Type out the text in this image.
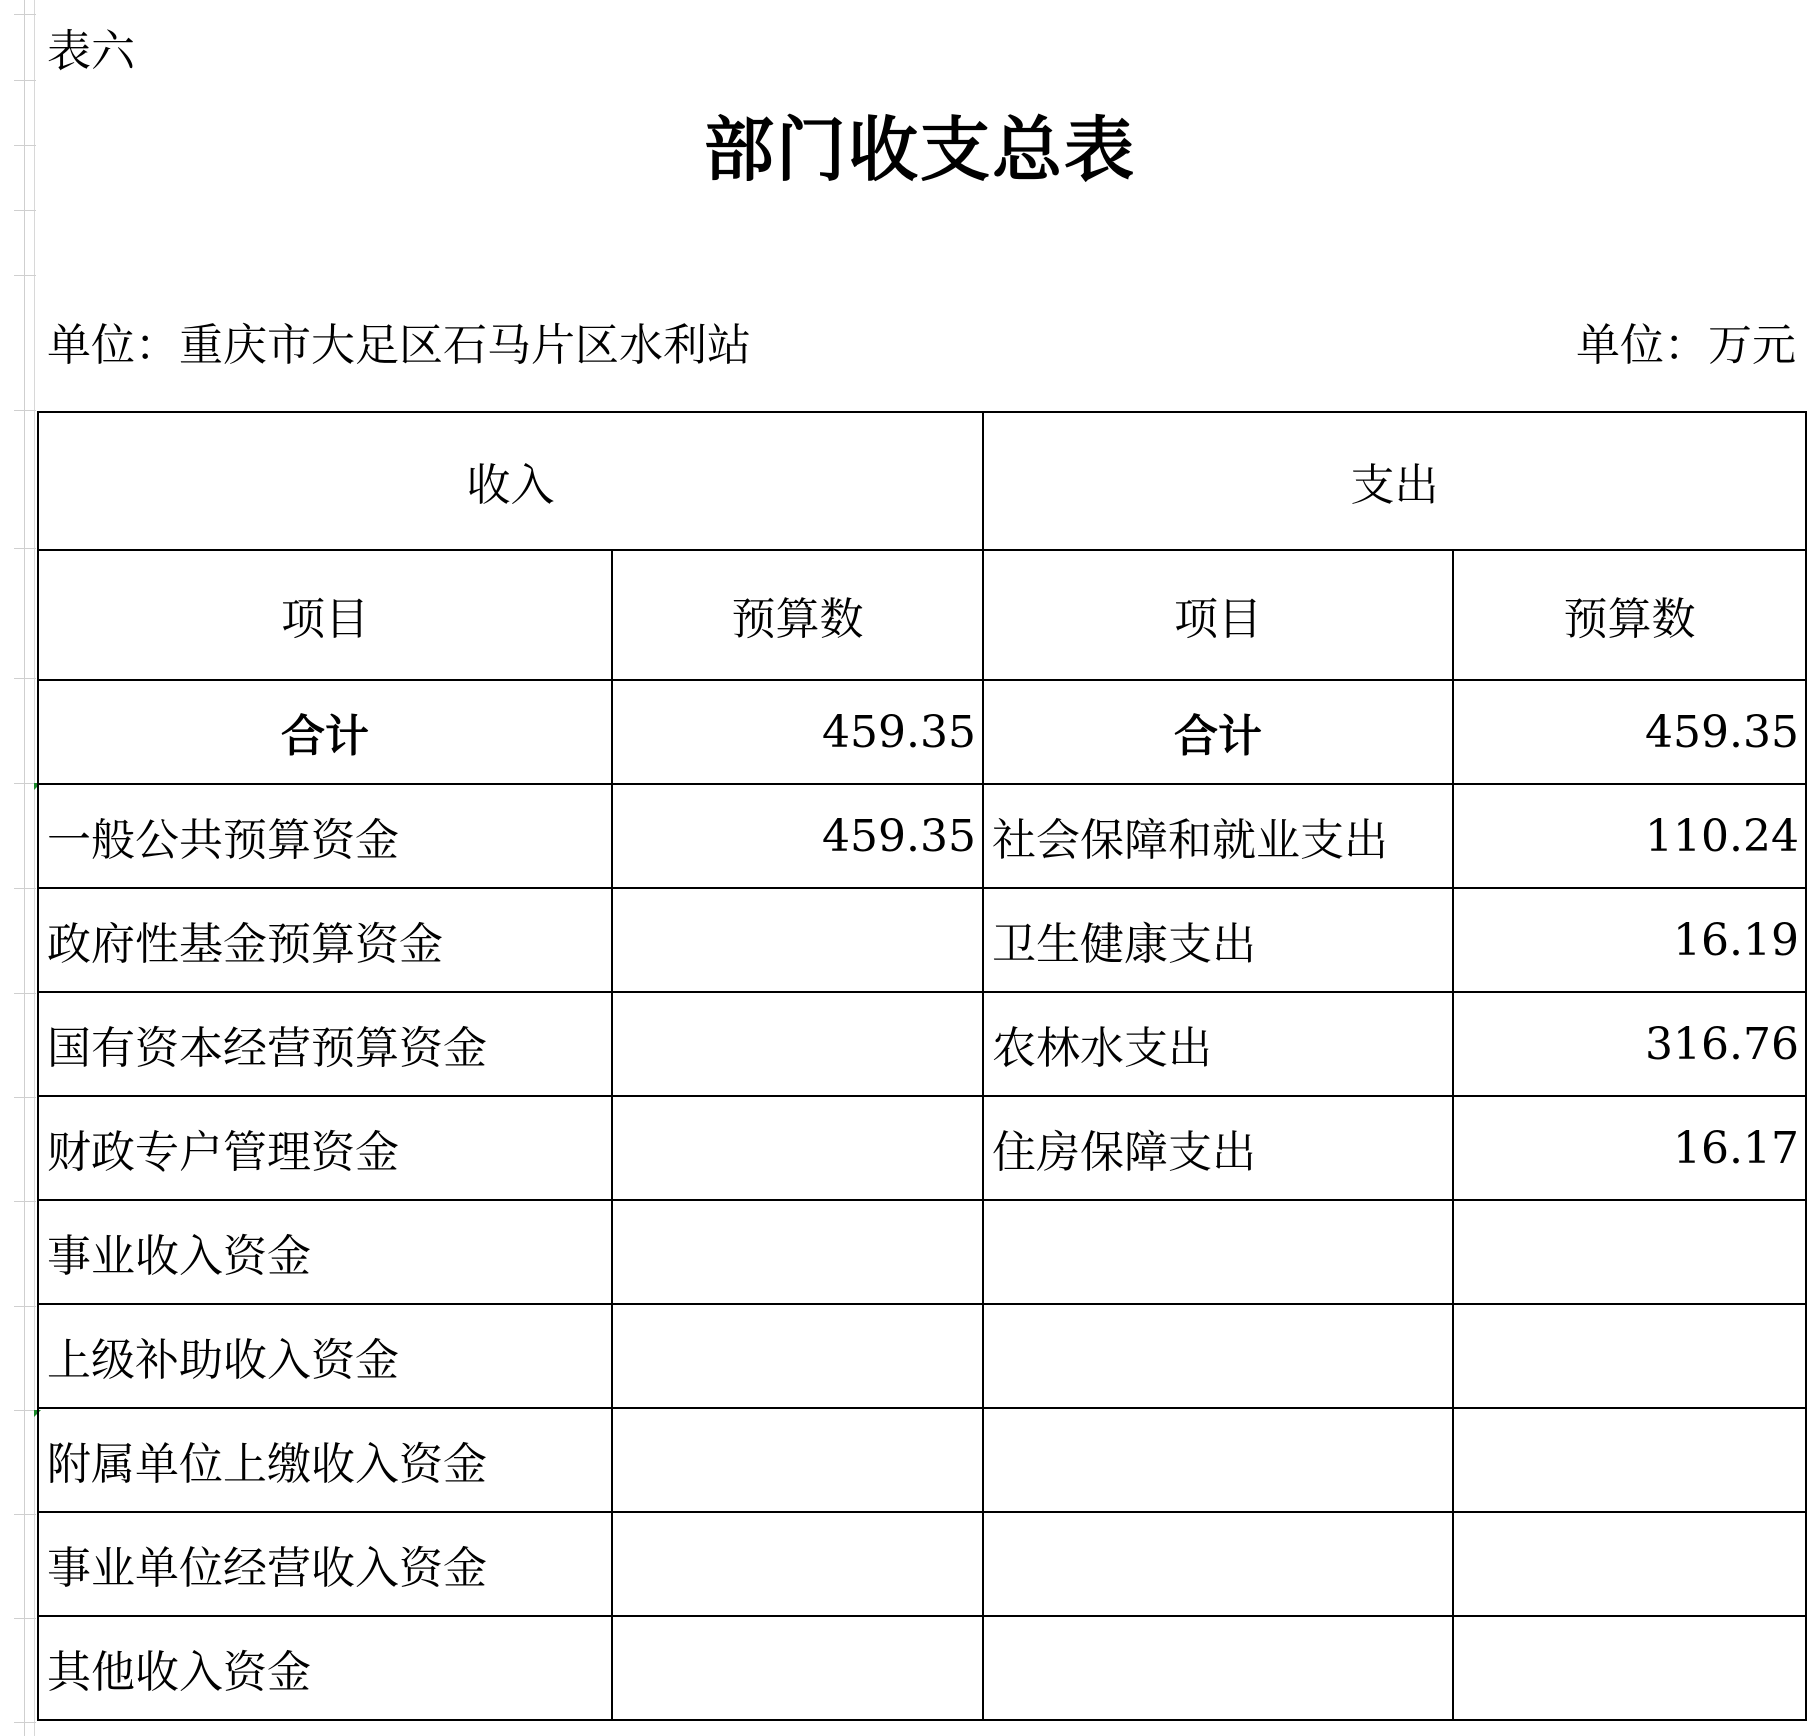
表六
部门收支总表
单位：重庆市大足区石马片区水利站	单位：万元
收入		支出	
项目	预算数	项目	预算数
合计	459.35	合计	459.35
一般公共预算资金	459.35	社会保障和就业支出	110.24
政府性基金预算资金		卫生健康支出	16.19
国有资本经营预算资金		农林水支出	316.76
财政专户管理资金		住房保障支出	16.17
事业收入资金			
上级补助收入资金			
附属单位上缴收入资金			
事业单位经营收入资金			
其他收入资金			
